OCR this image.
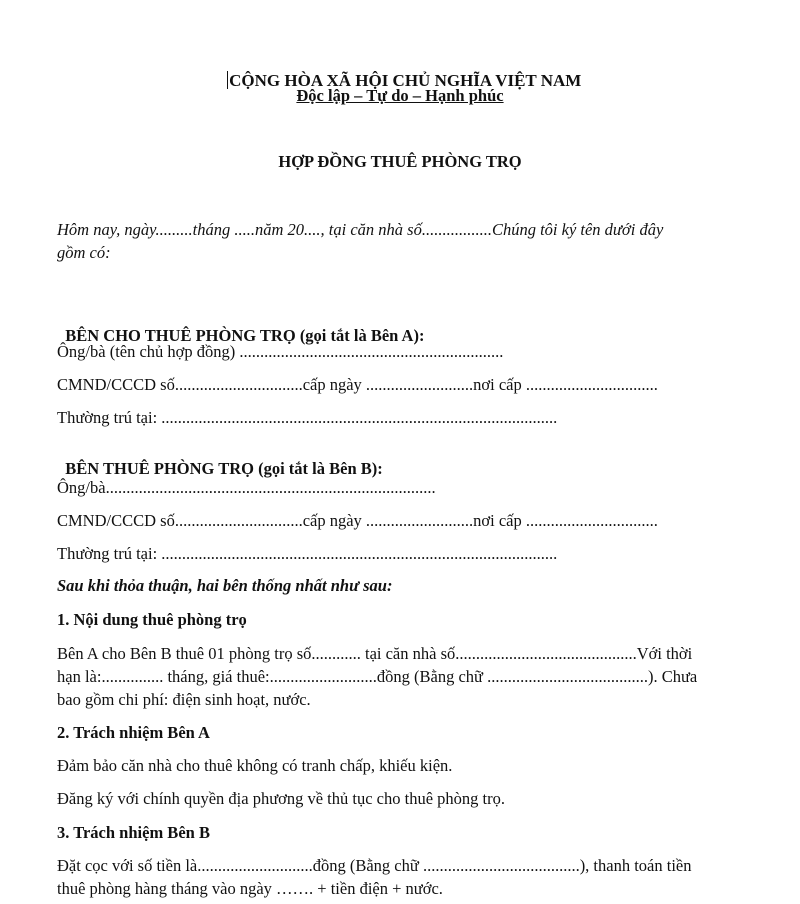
CỘNG HÒA XÃ HỘI CHỦ NGHĨA VIỆT NAM

Độc lập – Tự do – Hạnh phúc
HỢP ĐỒNG THUÊ PHÒNG TRỌ
Hôm nay, ngày.........tháng .....năm 20...., tại căn nhà số.................Chúng tôi ký tên dưới đây
gồm có:

BÊN CHO THUÊ PHÒNG TRỌ (gọi tắt là Bên A):

Ông/bà (tên chủ hợp đồng) ................................................................
CMND/CCCD số...............................cấp ngày ..........................nơi cấp ................................
Thường trú tại: ................................................................................................

BÊN THUÊ PHÒNG TRỌ (gọi tắt là Bên B):

Ông/bà................................................................................
CMND/CCCD số...............................cấp ngày ..........................nơi cấp ................................
Thường trú tại: ................................................................................................
Sau khi thỏa thuận, hai bên thống nhất như sau:
1. Nội dung thuê phòng trọ
Bên A cho Bên B thuê 01 phòng trọ số............ tại căn nhà số............................................Với thời
hạn là:............... tháng, giá thuê:..........................đồng (Bằng chữ .......................................). Chưa
bao gồm chi phí: điện sinh hoạt, nước.
2. Trách nhiệm Bên A
Đảm bảo căn nhà cho thuê không có tranh chấp, khiếu kiện.
Đăng ký với chính quyền địa phương về thủ tục cho thuê phòng trọ.
3. Trách nhiệm Bên B
Đặt cọc với số tiền là............................đồng (Bằng chữ ......................................), thanh toán tiền
thuê phòng hàng tháng vào ngày ……. + tiền điện + nước.
